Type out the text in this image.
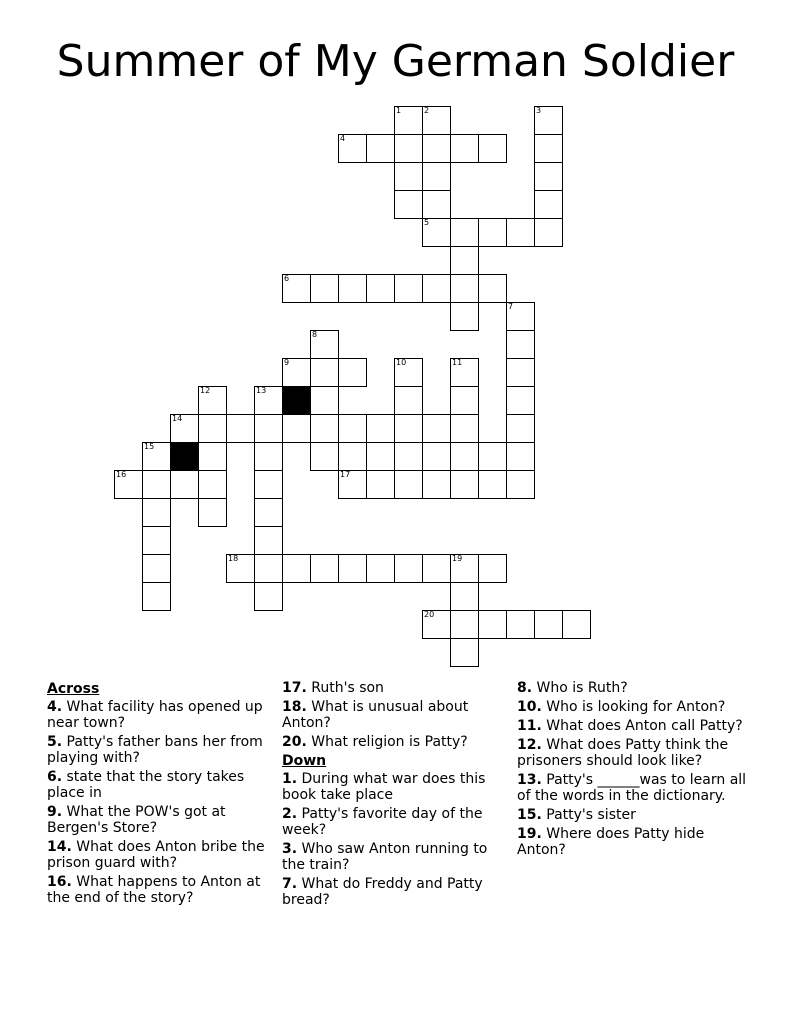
Summer of My German Soldier
1	2	3
4
5
6
7
8
9	10	11
12	13
14
15
16	17
18	19
20
Across
4. What facility has opened up near town?
5. Patty's father bans her from playing with?
6. state that the story takes place in
9. What the POW's got at Bergen's Store?
14. What does Anton bribe the prison guard with?
16. What happens to Anton at the end of the story?
17. Ruth's son
18. What is unusual about Anton?
20. What religion is Patty?
Down
1. During what war does this book take place
2. Patty's favorite day of the week?
3. Who saw Anton running to the train?
7. What do Freddy and Patty bread?
8. Who is Ruth?
10. Who is looking for Anton?
11. What does Anton call Patty?
12. What does Patty think the prisoners should look like?
13. Patty's ______was to learn all of the words in the dictionary.
15. Patty's sister
19. Where does Patty hide Anton?
